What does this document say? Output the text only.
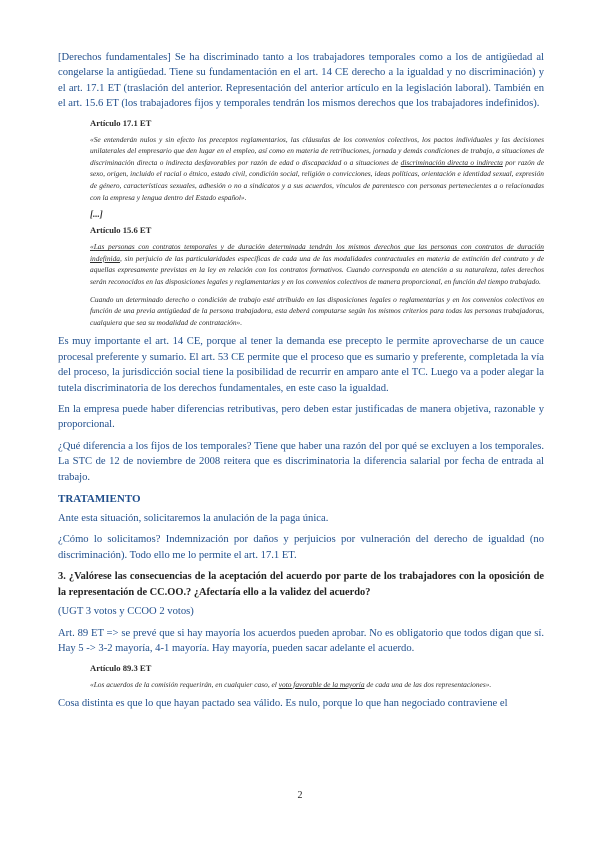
[Derechos fundamentales] Se ha discriminado tanto a los trabajadores temporales como a los de antigüedad al congelarse la antigüedad. Tiene su fundamentación en el art. 14 CE derecho a la igualdad y no discriminación) y el art. 17.1 ET (traslación del anterior. Representación del anterior artículo en la legislación laboral). También en el art. 15.6 ET (los trabajadores fijos y temporales tendrán los mismos derechos que los trabajadores indefinidos).

Artículo 17.1 ET

«Se entenderán nulos y sin efecto los preceptos reglamentarios, las cláusulas de los convenios colectivos, los pactos individuales y las decisiones unilaterales del empresario que den lugar en el empleo, así como en materia de retribuciones, jornada y demás condiciones de trabajo, a situaciones de discriminación directa o indirecta desfavorables por razón de edad o discapacidad o a situaciones de discriminación directa o indirecta por razón de sexo, origen, incluido el racial o étnico, estado civil, condición social, religión o convicciones, ideas políticas, orientación e identidad sexual, expresión de género, características sexuales, adhesión o no a sindicatos y a sus acuerdos, vínculos de parentesco con personas pertenecientes a o relacionadas con la empresa y lengua dentro del Estado español».

[...]

Artículo 15.6 ET

«Las personas con contratos temporales y de duración determinada tendrán los mismos derechos que las personas con contratos de duración indefinida, sin perjuicio de las particularidades específicas de cada una de las modalidades contractuales en materia de extinción del contrato y de aquellas expresamente previstas en la ley en relación con los contratos formativos. Cuando corresponda en atención a su naturaleza, tales derechos serán reconocidos en las disposiciones legales y reglamentarias y en los convenios colectivos de manera proporcional, en función del tiempo trabajado.

Cuando un determinado derecho o condición de trabajo esté atribuido en las disposiciones legales o reglamentarias y en los convenios colectivos en función de una previa antigüedad de la persona trabajadora, esta deberá computarse según los mismos criterios para todas las personas trabajadoras, cualquiera que sea su modalidad de contratación».

Es muy importante el art. 14 CE, porque al tener la demanda ese precepto le permite aprovecharse de un cauce procesal preferente y sumario. El art. 53 CE permite que el proceso que es sumario y preferente, completada la vía del proceso, la jurisdicción social tiene la posibilidad de recurrir en amparo ante el TC. Luego va a poder alegar la tutela discriminatoria de los derechos fundamentales, en este caso la igualdad.

En la empresa puede haber diferencias retributivas, pero deben estar justificadas de manera objetiva, razonable y proporcional.

¿Qué diferencia a los fijos de los temporales? Tiene que haber una razón del por qué se excluyen a los temporales. La STC de 12 de noviembre de 2008 reitera que es discriminatoria la diferencia salarial por fecha de entrada al trabajo.

TRATAMIENTO

Ante esta situación, solicitaremos la anulación de la paga única.

¿Cómo lo solicitamos? Indemnización por daños y perjuicios por vulneración del derecho de igualdad (no discriminación). Todo ello me lo permite el art. 17.1 ET.

3. ¿Valórese las consecuencias de la aceptación del acuerdo por parte de los trabajadores con la oposición de la representación de CC.OO.? ¿Afectaría ello a la validez del acuerdo?

(UGT 3 votos y CCOO 2 votos)

Art. 89 ET => se prevé que si hay mayoría los acuerdos pueden aprobar. No es obligatorio que todos digan que sí. Hay 5 -> 3-2 mayoría, 4-1 mayoría. Hay mayoría, pueden sacar adelante el acuerdo.

Artículo 89.3 ET

«Los acuerdos de la comisión requerirán, en cualquier caso, el voto favorable de la mayoría de cada una de las dos representaciones».

Cosa distinta es que lo que hayan pactado sea válido. Es nulo, porque lo que han negociado contraviene el

2
